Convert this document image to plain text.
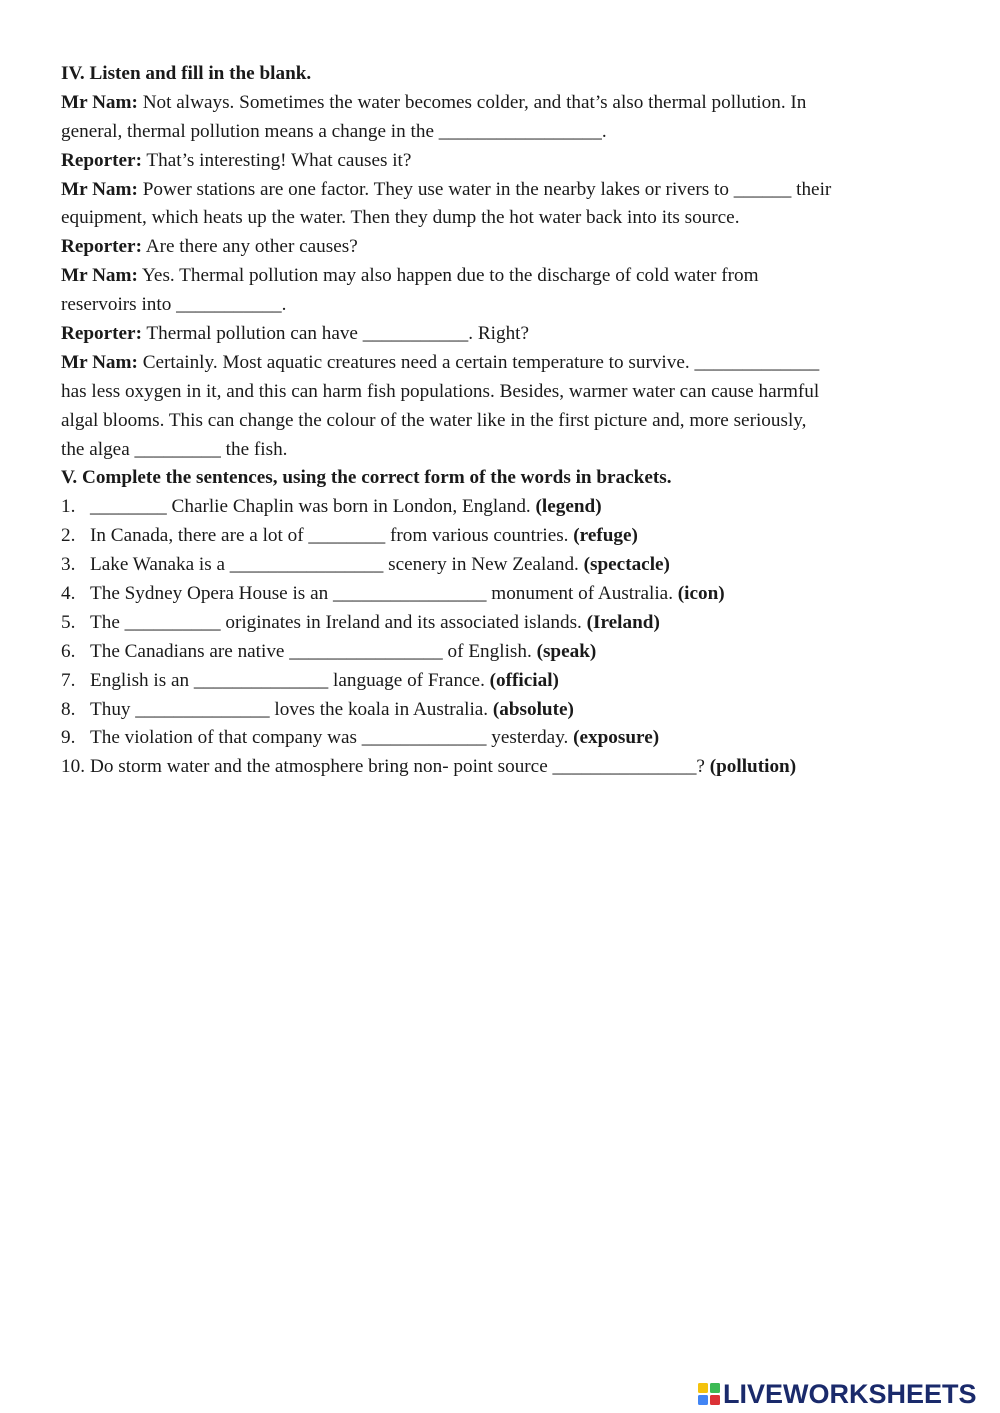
IV. Listen and fill in the blank.
Mr Nam: Not always. Sometimes the water becomes colder, and that’s also thermal pollution. In
general, thermal pollution means a change in the _________________.
Reporter: That’s interesting! What causes it?
Mr Nam: Power stations are one factor. They use water in the nearby lakes or rivers to ______ their
equipment, which heats up the water. Then they dump the hot water back into its source.
Reporter: Are there any other causes?
Mr Nam: Yes. Thermal pollution may also happen due to the discharge of cold water from
reservoirs into ___________.
Reporter: Thermal pollution can have ___________. Right?
Mr Nam: Certainly. Most aquatic creatures need a certain temperature to survive. _____________
has less oxygen in it, and this can harm fish populations. Besides, warmer water can cause harmful
algal blooms. This can change the colour of the water like in the first picture and, more seriously,
the algea _________ the fish.
V. Complete the sentences, using the correct form of the words in brackets.
1. ________ Charlie Chaplin was born in London, England. (legend)
2. In Canada, there are a lot of ________ from various countries. (refuge)
3. Lake Wanaka is a ________________ scenery in New Zealand. (spectacle)
4. The Sydney Opera House is an ________________ monument of Australia. (icon)
5. The __________ originates in Ireland and its associated islands. (Ireland)
6. The Canadians are native ________________ of English. (speak)
7. English is an ______________ language of France. (official)
8. Thuy ______________ loves the koala in Australia. (absolute)
9. The violation of that company was _____________ yesterday. (exposure)
10. Do storm water and the atmosphere bring non- point source _______________? (pollution)
LIVEWORKSHEETS
